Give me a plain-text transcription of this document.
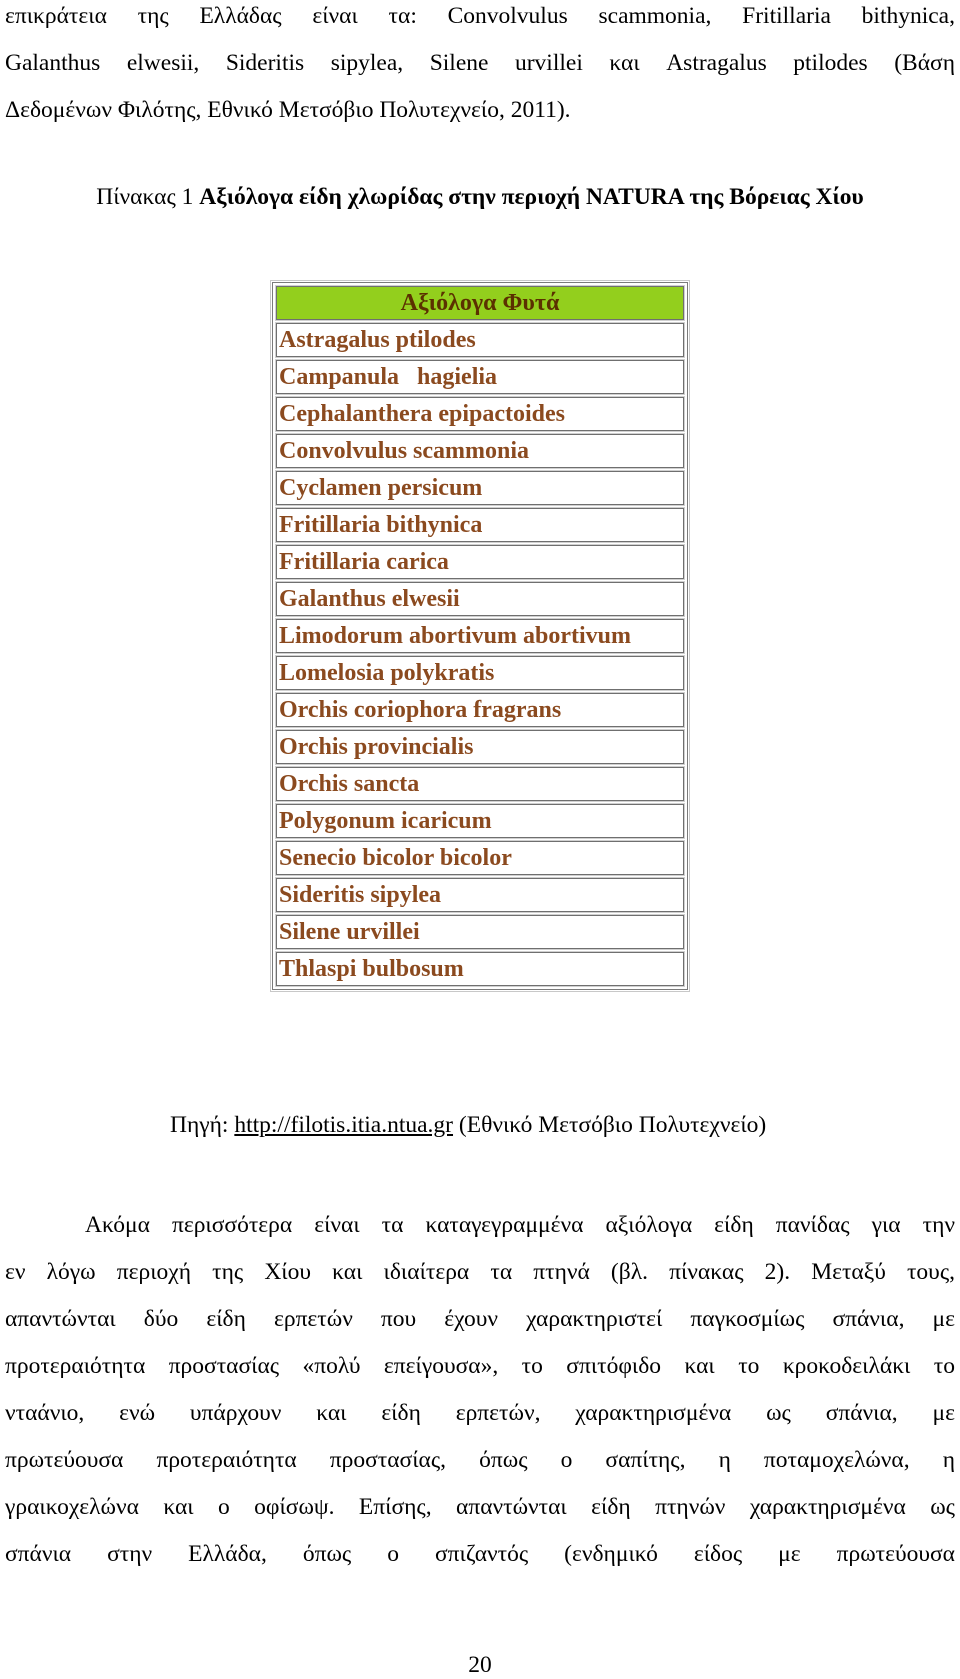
επικράτεια της Ελλάδας είναι τα: Convolvulus scammonia, Fritillaria bithynica,
Galanthus elwesii, Sideritis sipylea, Silene urvillei και Astragalus ptilodes (Βάση
Δεδομένων Φιλότης, Εθνικό Μετσόβιο Πολυτεχνείο, 2011).
Πίνακας 1 Αξιόλογα είδη χλωρίδας στην περιοχή NATURA της Βόρειας Χίου
Αξιόλογα Φυτά
Astragalus ptilodes
Campanula   hagielia
Cephalanthera epipactoides
Convolvulus scammonia
Cyclamen persicum
Fritillaria bithynica
Fritillaria carica
Galanthus elwesii
Limodorum abortivum abortivum
Lomelosia polykratis
Orchis coriophora fragrans
Orchis provincialis
Orchis sancta
Polygonum icaricum
Senecio bicolor bicolor
Sideritis sipylea
Silene urvillei
Thlaspi bulbosum
Πηγή: http://filotis.itia.ntua.gr (Εθνικό Μετσόβιο Πολυτεχνείο)
Ακόμα περισσότερα είναι τα καταγεγραμμένα αξιόλογα είδη πανίδας για την
εν λόγω περιοχή της Χίου και ιδιαίτερα τα πτηνά (βλ. πίνακας 2). Μεταξύ τους,
απαντώνται δύο είδη ερπετών που έχουν χαρακτηριστεί παγκοσμίως σπάνια, με
προτεραιότητα προστασίας «πολύ επείγουσα», το σπιτόφιδο και το κροκοδειλάκι το
νταάνιο, ενώ υπάρχουν και είδη ερπετών, χαρακτηρισμένα ως σπάνια, με
πρωτεύουσα προτεραιότητα προστασίας, όπως ο σαπίτης, η ποταμοχελώνα, η
γραικοχελώνα και ο οφίσωψ. Επίσης, απαντώνται είδη πτηνών χαρακτηρισμένα ως
σπάνια στην Ελλάδα, όπως ο σπιζαντός (ενδημικό είδος με πρωτεύουσα
20
